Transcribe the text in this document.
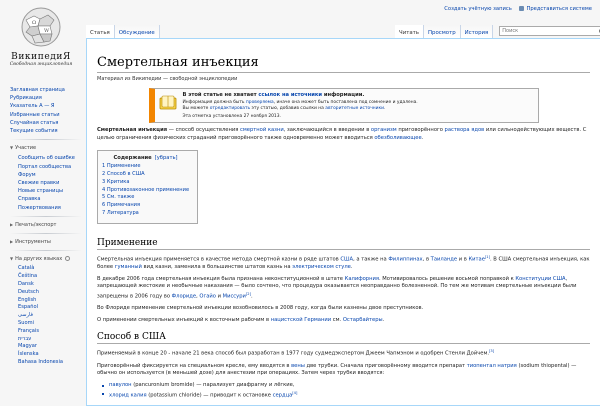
Создать учётную запись	Представиться системе
Ω
W
ВикипедиЯ
Свободная энциклопедия
Заглавная страница
Рубрикация
Указатель А — Я
Избранные статьи
Случайная статья
Текущие события
▼ Участие
Сообщить об ошибке
Портал сообщества
Форум
Свежие правки
Новые страницы
Справка
Пожертвования
▶ Печать/экспорт
▶ Инструменты
▼ На других языках
Català
Čeština
Dansk
Deutsch
English
Español
فارسی
Suomi
Français
עברית
Magyar
Íslenska
Bahasa Indonesia
Статья	Обсуждение	Читать	Просмотр	История
Поиск
Смертельная инъекция
Материал из Википедии — свободной энциклопедии
В этой статье не хватает ссылок на источники информации.
Информация должна быть проверяема, иначе она может быть поставлена под сомнение и удалена.
Вы можете отредактировать эту статью, добавив ссылки на авторитетные источники.
Эта отметка установлена 27 ноября 2013.

Смертельная инъекция — способ осуществления смертной казни, заключающийся в введении в организм приговорённого раствора ядов или сильнодействующих веществ. С целью ограничения физических страданий приговорённого также одновременно может вводиться обезболивающее.

Содержание [убрать]
1 Применение
2 Способ в США
3 Критика
4 Противозаконное применение
5 См. также
6 Примечания
7 Литература
Применение

Смертельная инъекция применяется в качестве метода смертной казни в ряде штатов США, а также на Филиппинах, в Таиланде и в Китае[1]. В США смертельная инъекция, как более гуманный вид казни, заменила в большинстве штатов казнь на электрическом стуле.

В декабре 2006 года смертельная инъекция была признана неконституционной в штате Калифорния. Мотивировалось решение восьмой поправкой к Конституции США, запрещающей жестокие и необычные наказания — было сочтено, что процедура оказывается неоправданно болезненной. По тем же мотивам смертельные инъекции были запрещены в 2006 году во Флориде, Огайо и Миссури[2].

Во Флориде применение смертельной инъекции возобновилось в 2008 году, когда были казнены двое преступников.

О применении смертельных инъекций к восточным рабочим в нацистской Германии см. Остарбайтеры.

Способ в США

Применяемый в конце 20 - начале 21 века способ был разработан в 1977 году судмедэкспертом Джеем Чапмэном и одобрен Стенли Дойчем.[3]

Приговорённый фиксируется на специальном кресле, ему вводятся в вены две трубки. Сначала приговорённому вводится препарат тиопентал натрия (sodium thiopental) — обычно он используется (в меньшей дозе) для анестезии при операциях. Затем через трубки вводятся:

павулон (pancuronium bromide) — парализует диафрагму и лёгкие,
хлорид калия (potassium chloride) — приводит к остановке сердца[4]
